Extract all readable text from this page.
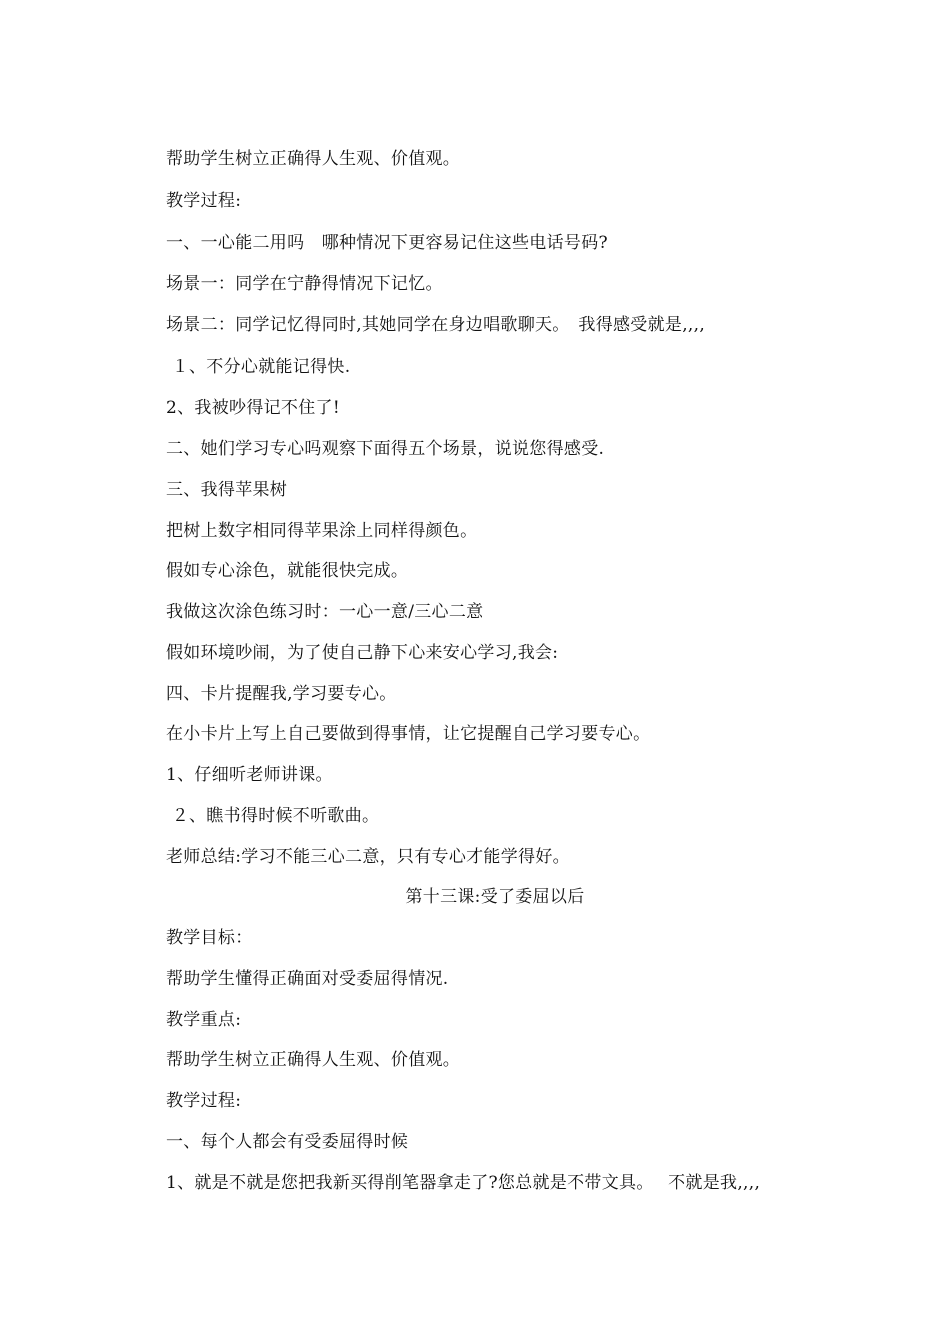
帮助学生树立正确得人生观、价值观。
教学过程:
一、一心能二用吗　哪种情况下更容易记住这些电话号码?
场景一：同学在宁静得情况下记忆。
场景二：同学记忆得同时,其她同学在身边唱歌聊天。　我得感受就是,,,,
１、不分心就能记得快.
2、我被吵得记不住了!
二、她们学习专心吗观察下面得五个场景，说说您得感受.
三、我得苹果树
把树上数字相同得苹果涂上同样得颜色。
假如专心涂色，就能很快完成。
我做这次涂色练习时：一心一意/三心二意
假如环境吵闹，为了使自己静下心来安心学习,我会:
四、卡片提醒我,学习要专心。
在小卡片上写上自己要做到得事情，让它提醒自己学习要专心。
1、仔细听老师讲课。
２、瞧书得时候不听歌曲。
老师总结:学习不能三心二意，只有专心才能学得好。
第十三课:受了委屈以后
教学目标：
帮助学生懂得正确面对受委屈得情况.
教学重点:
帮助学生树立正确得人生观、价值观。
教学过程:
一、每个人都会有受委屈得时候
1、就是不就是您把我新买得削笔器拿走了?您总就是不带文具。　 不就是我,,,,
